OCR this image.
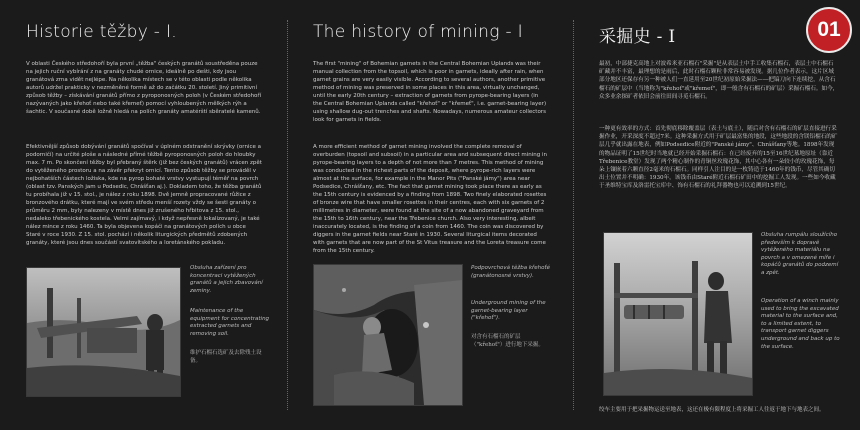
Historie těžby - I.

V oblasti Českého středohoří byla první „těžba" českých granátů soustředěna pouze na jejich ruční vybírání z na granáty chudé ornice, ideálně po dešti, kdy jsou granátová zrna vidět nejlépe. Na několika místech se v této oblasti podle několika autorů udržel prakticky v nezměněné formě až do začátku 20. století. Jiný primitivní způsob těžby – získávání granátů přímo z pyroponosných poloh (v Českém středohoří nazývaných jako křehoť nebo také křemeť) pomocí vyhloubených mělkých rýh a šachtic. V současné době ložně hledá na polích granáty amatérští sběratelé kamenů.

Efektivnější způsob dobývání granátů spočíval v úplném odstranění skrývky (ornice a podorničí) na určité ploše a následné přímé těžbě pyroponosných poloh do hloubky max. 7 m. Po skončení těžby byl přebraný štěrk (již bez českých granátů) vrácen zpět do vytěženého prostoru a na závěr překryt ornicí. Tento způsob těžby se prováděl v nejbohatších částech ložiska, kde na pyrop bohaté vrstvy vystupují téměř na povrch (oblast tzv. Panských jam u Podsedic, Chrášťan aj.). Dokladem toho, že těžba granátů tu probíhala již v 15. stol., je nález z roku 1898. Dvě jemně propracované růžice z bronzového drátku, které mají ve svém středu menší rozety vždy se šesti granáty o průměru 2 mm, byly nalezeny v místě dnes již zrušeného hřbitova z 15. stol., nedaleko třebenického kostela. Velmi zajímavý, i když nepřesně lokalizovaný, je také nález mince z roku 1460. Ta byla objevena kopáči na granátových polích u obce Staré v roce 1930. Z 15. stol. pochází i několik liturgických předmětů zdobených granáty, které jsou dnes součástí svatovítského a loretánského pokladu.

Obsluha zařízení pro koncentraci vytěžených granátů a jejich zbavování zeminy.

Maintenance of the equipment for concentrating extracted garnets and removing soil.

维护石榴石选矿及去除残土设备。

The history of mining - I

The first "mining" of Bohemian garnets in the Central Bohemian Uplands was their manual collection from the topsoil, which is poor in garnets, ideally after rain, when garnet grains are very easily visible. According to several authors, another primitive method of mining was preserved in some places in this area, virtually unchanged, until the early 20th century – extraction of garnets from pyrope-bearing layers (in the Central Bohemian Uplands called "křehoť" or "křemeť", i.e. garnet-bearing layer) using shallow dug-out trenches and shafts. Nowadays, numerous amateur collectors look for garnets in fields.

A more efficient method of garnet mining involved the complete removal of overburden (topsoil and subsoil) in a particular area and subsequent direct mining in pyrope-bearing layers to a depth of not more than 7 metres. This method of mining was conducted in the richest parts of the deposit, where pyrope-rich layers were almost at the surface, for example in the Manor Pits ("Panské jámy") area near Podsedice, Chrášťany, etc. The fact that garnet mining took place there as early as the 15th century is evidenced by a finding from 1898. Two finely elaborated rosettes of bronze wire that have smaller rosettes in their centres, each with six garnets of 2 millimetres in diameter, were found at the site of a now abandoned graveyard from the 15th to 16th century, near the Třebenice church. Also very interesting, albeit inaccurately located, is the finding of a coin from 1460. The coin was discovered by diggers in the garnet fields near Staré in 1930. Several liturgical items decorated with garnets that are now part of the St Vitus treasure and the Loreta treasure come from the 15th century.

Podpovrchová těžba křehoťé (granátonosné vrstvy).

Underground mining of the garnet-bearing layer ("křehoť").

对含有石榴石的矿层（"křehoť"）进行地下采掘。

采掘史 - I	01

最初，中部捷克高地上对波希米亚石榴石"采掘"是从表层土中手工收集石榴石，表层土中石榴石矿藏并不丰富，最理想的是雨后，此时石榴石颗粒非常容易被发现。据几位作者表示，这片区域部分地区还保存有另一种被人们一直延用至20世纪初原始采掘法——把镐刀向下连续挖，从含石榴石的矿层中（当地称为"křehoť"或"křemeť"，即一般含有石榴石的矿层）采掘石榴石。如今，众多业余探矿者依旧会前往田间寻觅石榴石。

一种更有效率的方式：首先彻底移除覆盖层（表土与底土），随后对含有石榴石的矿层直接进行采掘作业，开采深度不超过7米。这种采掘方式用于矿层最富集的地段，这些地段的含镁铝榴石的矿层几乎就出露在地表，例如Podsedice附近的"Panské jámy"、Chrášťany等地。1898年发现的物品证明了15世纪时当地就已经开始采掘石榴石：在已经废弃的15至16世纪墓地原址（靠近Třebenice教堂）发现了两个精心制作的青铜丝玫瑰花饰，其中心各有一朵较小的玫瑰花饰，每朵上镶嵌着六颗直径2毫米的石榴石。同样引人注目的是一枚铸造于1460年的钱币，尽管其确切出土位置并不明确：1930年，该钱币由Staré附近石榴石矿田中的挖掘工人发现。一些如今收藏于圣维特宝库及洛雷托宝库中、饰有石榴石的礼拜器物也可以追溯到15世纪。

Obsluha rumpálu sloužícího především k dopravě vytěženého materiálu na povrch a v omezené míře i kopáčů granátů do podzemí a zpět.

Operation of a winch mainly used to bring the excavated material to the surface and, to a limited extent, to transport garnet diggers underground and back up to the surface.

绞车主要用于把采掘物运送至地表，这还在极有限程度上将采掘工人往返于地下与地表之间。
